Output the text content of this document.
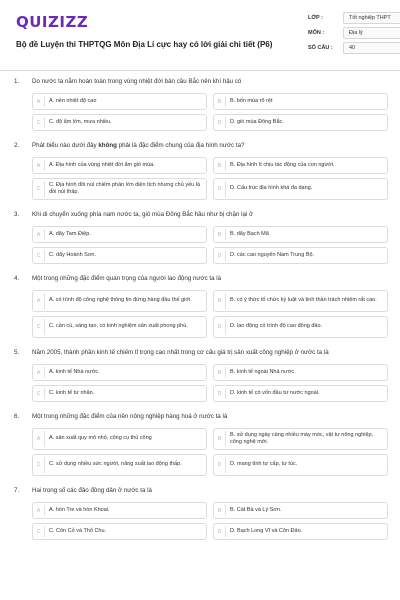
QUIZIZZ
Bộ đề Luyện thi THPTQG Môn Địa Lí cực hay có lời giải chi tiết (P6)
LỚP :	Tốt nghiệp THPT
MÔN :	Địa lý
SỐ CÂU :	40
1.	Do nước ta nằm hoàn toàn trong vùng nhiệt đới bán cầu Bắc nên khí hậu có
A	A. nền nhiệt độ cao	B	B. bốn mùa rõ rệt
C	C. độ ẩm lớn, mưa nhiều.	D	D. gió mùa Đông Bắc.
2.	Phát biểu nào dưới đây không phải là đặc điểm chung của địa hình nước ta?
A	A. Địa hình của vùng nhiệt đới ẩm gió mùa.	B	B. Địa hình ít chịu tác động của con người.
C
C. Địa hình đồi núi chiếm phần lớn diện tích nhưng chủ yếu là đồi núi thấp.	D	D. Cấu trúc địa hình khá đa dạng.
3.	Khi di chuyển xuống phía nam nước ta, gió mùa Đông Bắc hầu như bị chặn lại ở
A	A. dãy Tam Điệp.	B	B. dãy Bạch Mã
C	C. dãy Hoành Sơn.	D	D. các cao nguyên Nam Trung Bộ.
4.	Một trong những đặc điểm quan trọng của người lao động nước ta là
A	A. có trình độ công nghệ thông tin đứng hàng đầu thế giới.	B	B. có ý thức tổ chức kỷ luật và tinh thần trách nhiệm rất cao.
C	C. cần cù, sáng tạo, có kinh nghiệm sản xuất phong phú.	D	D. lao động có trình độ cao đông đảo.
5.	Năm 2005, thành phần kinh tế chiếm tỉ trọng cao nhất trong cơ cấu giá trị sản xuất công nghiệp ở nước ta là
A	A. kinh tế Nhà nước.	B	B. kinh tế ngoài Nhà nước.
C	C. kinh tế tư nhân.	D	D. kinh tế có vốn đầu tư nước ngoài.
6.	Một trong những đặc điểm của nền nông nghiệp hàng hoá ở nước ta là
A	A. sản xuất quy mô nhỏ, công cụ thủ công	B
B. sử dụng ngày càng nhiều máy móc, vật tư nông nghiệp, công nghệ mới.
C	C. sử dụng nhiều sức người, năng suất lao động thấp.	D	D. mang tính tự cấp, tự túc.
7.	Hai trong số các đảo đông dân ở nước ta là
A	A. hòn Tre và hòn Khoai.	B	B. Cát Bà và Lý Sơn.
C	C. Côn Cỏ và Thổ Chu.	D	D. Bạch Long Vĩ và Côn Đảo.
